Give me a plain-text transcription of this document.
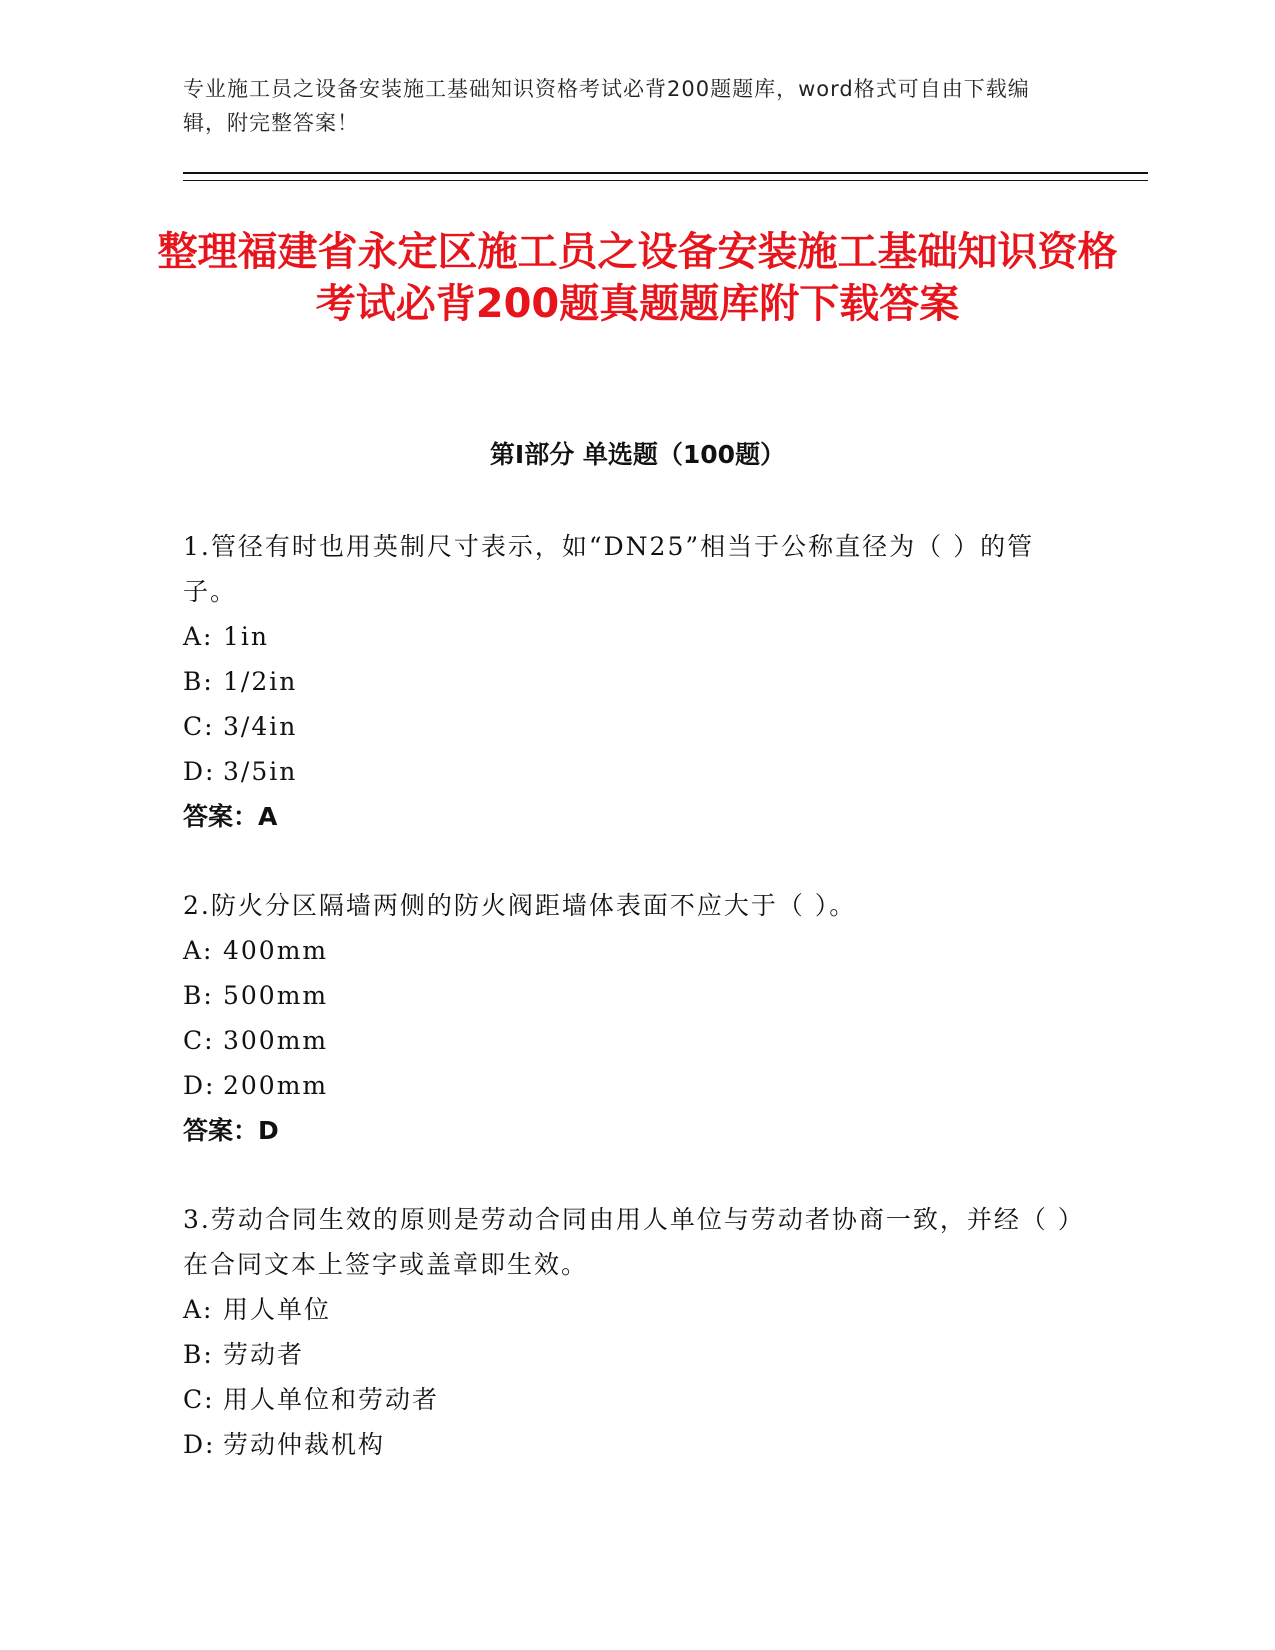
专业施工员之设备安装施工基础知识资格考试必背200题题库，word格式可自由下载编辑，附完整答案！
整理福建省永定区施工员之设备安装施工基础知识资格考试必背200题真题题库附下载答案
第I部分 单选题（100题）

1.管径有时也用英制尺寸表示，如“DN25”相当于公称直径为（ ）的管子。

A: 1in
B: 1/2in
C: 3/4in
D: 3/5in

答案：A

2.防火分区隔墙两侧的防火阀距墙体表面不应大于（ ）。

A: 400mm
B: 500mm
C: 300mm
D: 200mm

答案：D

3.劳动合同生效的原则是劳动合同由用人单位与劳动者协商一致，并经（ ）在合同文本上签字或盖章即生效。

A: 用人单位
B: 劳动者
C: 用人单位和劳动者
D: 劳动仲裁机构
